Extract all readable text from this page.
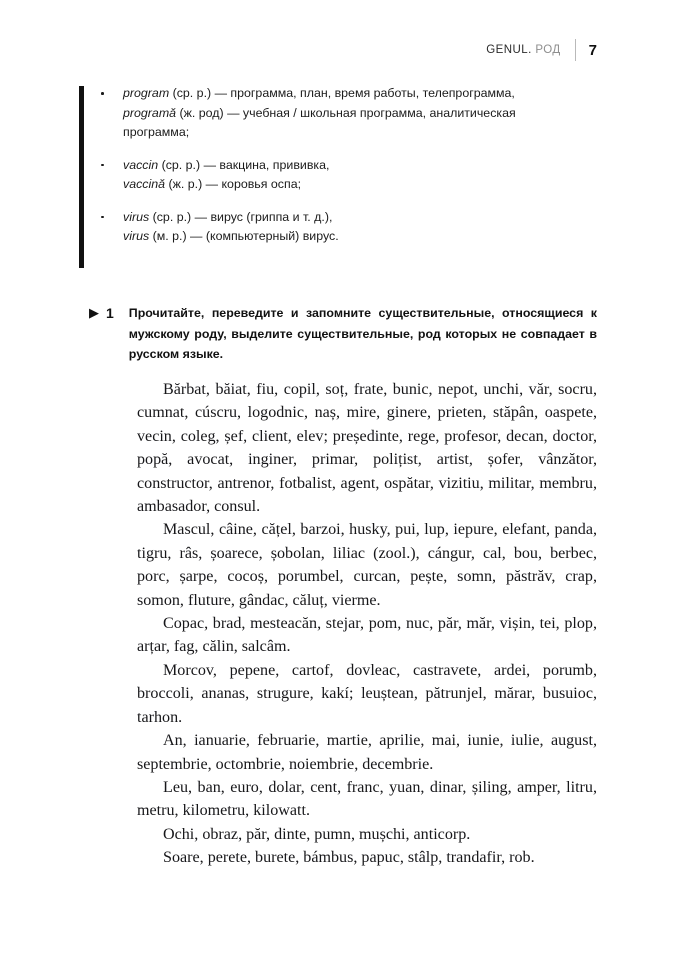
GENUL. РОД 7
program (ср. р.) — программа, план, время работы, телепрограмма,
programă (ж. род) — учебная / школьная программа, аналитическая
программа;
vaccin (ср. р.) — вакцина, прививка,
vaccină (ж. р.) — коровья оспа;
virus (ср. р.) — вирус (гриппа и т. д.),
virus (м. р.) — (компьютерный) вирус.
▶ 1 Прочитайте, переведите и запомните существительные, относящиеся к мужскому роду, выделите существительные, род которых не совпадает в русском языке.

Bărbat, băiat, fiu, copil, soț, frate, bunic, nepot, unchi, văr, socru, cumnat, cúscru, logodnic, naș, mire, ginere, prieten, stăpân, oaspete, vecin, coleg, șef, client, elev; președinte, rege, profesor, decan, doctor, popă, avocat, inginer, primar, polițist, artist, șofer, vânzător, constructor, antrenor, fotbalist, agent, ospătar, vizitiu, militar, membru, ambasador, consul.

Mascul, câine, cățel, barzoi, husky, pui, lup, iepure, elefant, panda, tigru, râs, șoarece, șobolan, liliac (zool.), cángur, cal, bou, berbec, porc, șarpe, cocoș, porumbel, curcan, pește, somn, păstrăv, crap, somon, fluture, gândac, căluț, vierme.

Copac, brad, mesteacăn, stejar, pom, nuc, păr, măr, vișin, tei, plop, arțar, fag, călin, salcâm.

Morcov, pepene, cartof, dovleac, castravete, ardei, porumb, broccoli, ananas, strugure, kakí; leuștean, pătrunjel, mărar, busuioc, tarhon.

An, ianuarie, februarie, martie, aprilie, mai, iunie, iulie, august, septembrie, octombrie, noiembrie, decembrie.

Leu, ban, euro, dolar, cent, franc, yuan, dinar, șiling, amper, litru, metru, kilometru, kilowatt.

Ochi, obraz, păr, dinte, pumn, mușchi, anticorp.

Soare, perete, burete, bámbus, papuc, stâlp, trandafir, rob.
